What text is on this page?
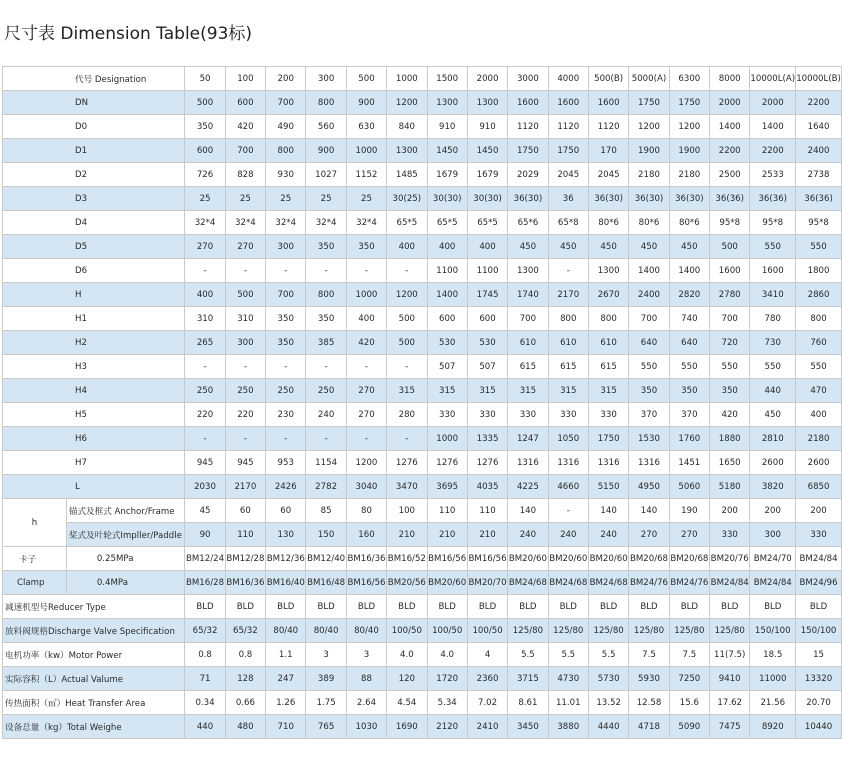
尺寸表 Dimension Table(93标)
代号 Designation		50	100	200	300	500	1000	1500	2000	3000	4000	500(B)	5000(A)	6300	8000	10000L(A)	10000L(B)
DN		500	600	700	800	900	1200	1300	1300	1600	1600	1600	1750	1750	2000	2000	2200
D0		350	420	490	560	630	840	910	910	1120	1120	1120	1200	1200	1400	1400	1640
D1		600	700	800	900	1000	1300	1450	1450	1750	1750	170	1900	1900	2200	2200	2400
D2		726	828	930	1027	1152	1485	1679	1679	2029	2045	2045	2180	2180	2500	2533	2738
D3		25	25	25	25	25	30(25)	30(30)	30(30)	36(30)	36	36(30)	36(30)	36(30)	36(36)	36(36)	36(36)
D4		32*4	32*4	32*4	32*4	32*4	65*5	65*5	65*5	65*6	65*8	80*6	80*6	80*6	95*8	95*8	95*8
D5		270	270	300	350	350	400	400	400	450	450	450	450	450	500	550	550
D6		-	-	-	-	-	-	1100	1100	1300	-	1300	1400	1400	1600	1600	1800
H		400	500	700	800	1000	1200	1400	1745	1740	2170	2670	2400	2820	2780	3410	2860
H1		310	310	350	350	400	500	600	600	700	800	800	700	740	700	780	800
H2		265	300	350	385	420	500	530	530	610	610	610	640	640	720	730	760
H3		-	-	-	-	-	-	507	507	615	615	615	550	550	550	550	550
H4		250	250	250	250	270	315	315	315	315	315	315	350	350	350	440	470
H5		220	220	230	240	270	280	330	330	330	330	330	370	370	420	450	400
H6		-	-	-	-	-	-	1000	1335	1247	1050	1750	1530	1760	1880	2810	2180
H7		945	945	953	1154	1200	1276	1276	1276	1316	1316	1316	1316	1451	1650	2600	2600
L		2030	2170	2426	2782	3040	3470	3695	4035	4225	4660	5150	4950	5060	5180	3820	6850
h	锚式及框式 Anchor/Frame	45	60	60	85	80	100	110	110	140	-	140	140	190	200	200	200
	桨式及叶轮式Impller/Paddle	90	110	130	150	160	210	210	210	240	240	240	270	270	330	300	330
卡子	0.25MPa	BM12/24	BM12/28	BM12/36	BM12/40	BM16/36	BM16/52	BM16/56	BM16/56	BM20/60	BM20/60	BM20/60	BM20/68	BM20/68	BM20/76	BM24/70	BM24/84
Clamp	0.4MPa	BM16/28	BM16/36	BM16/40	BM16/48	BM16/56	BM20/56	BM20/60	BM20/70	BM24/68	BM24/68	BM24/68	BM24/76	BM24/76	BM24/84	BM24/84	BM24/96
减速机型号Reducer Type		BLD	BLD	BLD	BLD	BLD	BLD	BLD	BLD	BLD	BLD	BLD	BLD	BLD	BLD	BLD	BLD
放料阀规格Discharge Valve Specification		65/32	65/32	80/40	80/40	80/40	100/50	100/50	100/50	125/80	125/80	125/80	125/80	125/80	125/80	150/100	150/100
电机功率（kw）Motor Power		0.8	0.8	1.1	3	3	4.0	4.0	4	5.5	5.5	5.5	7.5	7.5	11(7.5)	18.5	15
实际容积（L）Actual Valume		71	128	247	389	88	120	1720	2360	3715	4730	5730	5930	7250	9410	11000	13320
传热面积（㎡）Heat Transfer Area		0.34	0.66	1.26	1.75	2.64	4.54	5.34	7.02	8.61	11.01	13.52	12.58	15.6	17.62	21.56	20.70
设备总量（kg）Total Weighe		440	480	710	765	1030	1690	2120	2410	3450	3880	4440	4718	5090	7475	8920	10440
